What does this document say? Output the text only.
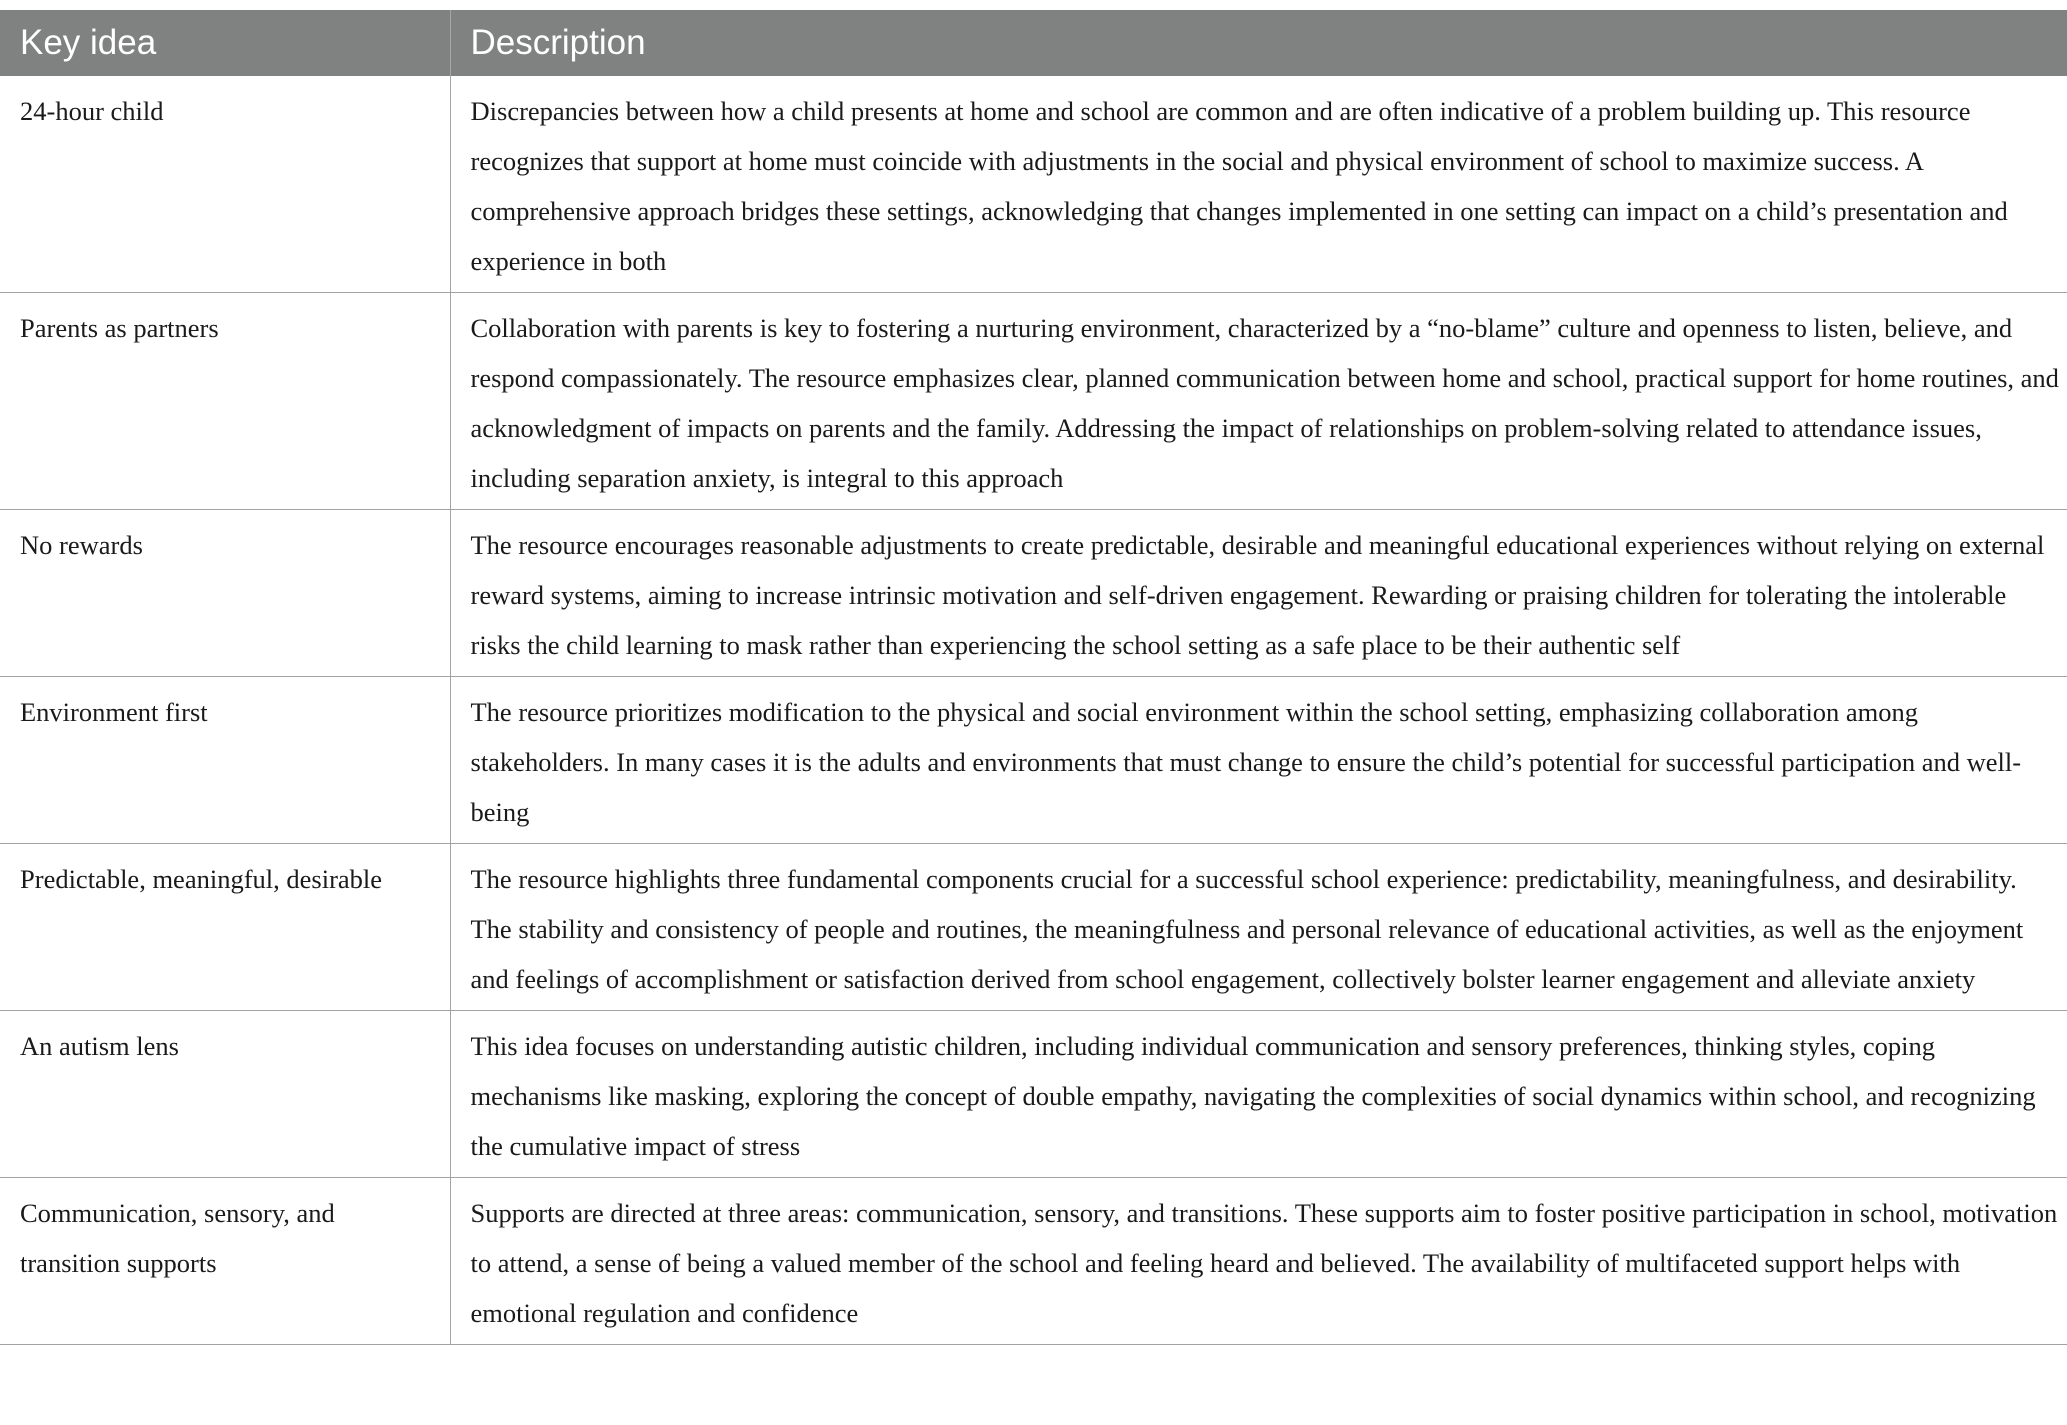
Key idea	Description
24-hour child	Discrepancies between how a child presents at home and school are common and are often indicative of a problem building up. This resource recognizes that support at home must coincide with adjustments in the social and physical environment of school to maximize success. A comprehensive approach bridges these settings, acknowledging that changes implemented in one setting can impact on a child’s presentation and experience in both
Parents as partners	Collaboration with parents is key to fostering a nurturing environment, characterized by a “no-blame” culture and openness to listen, believe, and respond compassionately. The resource emphasizes clear, planned communication between home and school, practical support for home routines, and acknowledgment of impacts on parents and the family. Addressing the impact of relationships on problem-solving related to attendance issues, including separation anxiety, is integral to this approach
No rewards	The resource encourages reasonable adjustments to create predictable, desirable and meaningful educational experiences without relying on external reward systems, aiming to increase intrinsic motivation and self-driven engagement. Rewarding or praising children for tolerating the intolerable risks the child learning to mask rather than experiencing the school setting as a safe place to be their authentic self
Environment first	The resource prioritizes modification to the physical and social environment within the school setting, emphasizing collaboration among stakeholders. In many cases it is the adults and environments that must change to ensure the child’s potential for successful participation and well-being
Predictable, meaningful, desirable	The resource highlights three fundamental components crucial for a successful school experience: predictability, meaningfulness, and desirability. The stability and consistency of people and routines, the meaningfulness and personal relevance of educational activities, as well as the enjoyment and feelings of accomplishment or satisfaction derived from school engagement, collectively bolster learner engagement and alleviate anxiety
An autism lens	This idea focuses on understanding autistic children, including individual communication and sensory preferences, thinking styles, coping mechanisms like masking, exploring the concept of double empathy, navigating the complexities of social dynamics within school, and recognizing the cumulative impact of stress
Communication, sensory, and transition supports	Supports are directed at three areas: communication, sensory, and transitions. These supports aim to foster positive participation in school, motivation to attend, a sense of being a valued member of the school and feeling heard and believed. The availability of multifaceted support helps with emotional regulation and confidence
